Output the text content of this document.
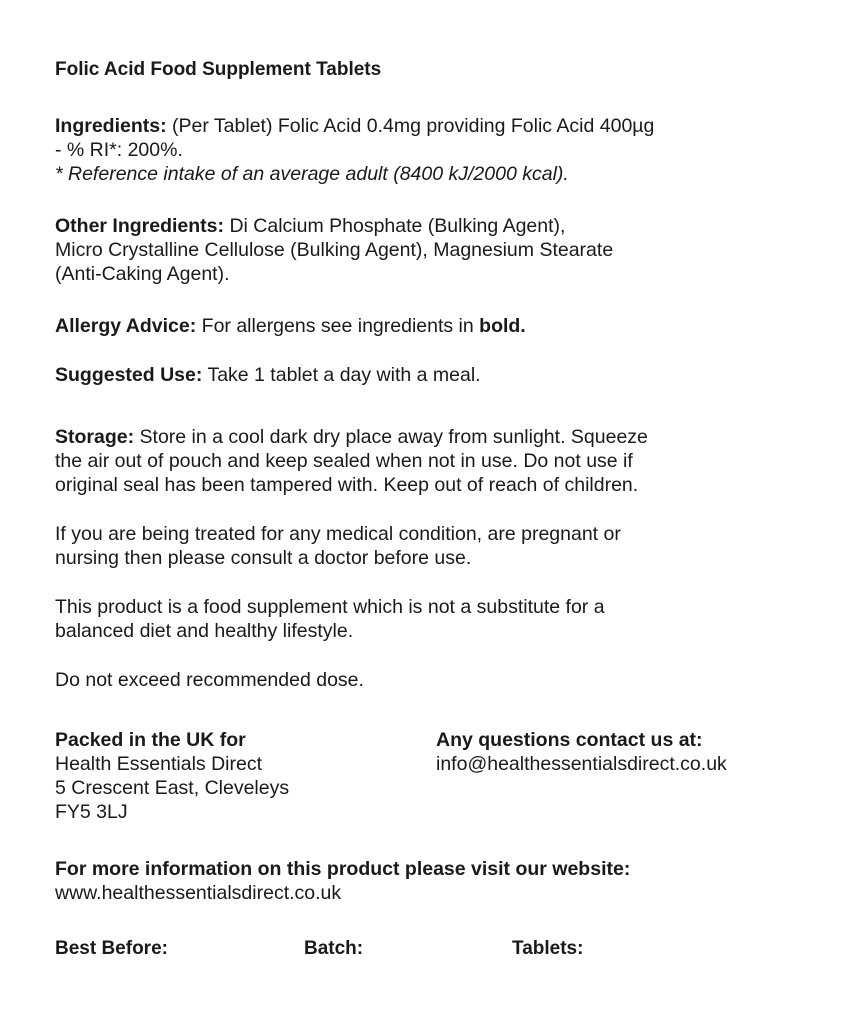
Folic Acid Food Supplement Tablets

Ingredients: (Per Tablet) Folic Acid 0.4mg providing Folic Acid 400µg
- % RI*: 200%.
* Reference intake of an average adult (8400 kJ/2000 kcal).

Other Ingredients: Di Calcium Phosphate (Bulking Agent),
Micro Crystalline Cellulose (Bulking Agent), Magnesium Stearate
(Anti-Caking Agent).

Allergy Advice: For allergens see ingredients in bold.

Suggested Use: Take 1 tablet a day with a meal.

Storage: Store in a cool dark dry place away from sunlight. Squeeze
the air out of pouch and keep sealed when not in use. Do not use if
original seal has been tampered with. Keep out of reach of children.

If you are being treated for any medical condition, are pregnant or
nursing then please consult a doctor before use.

This product is a food supplement which is not a substitute for a
balanced diet and healthy lifestyle.

Do not exceed recommended dose.

Packed in the UK for
Health Essentials Direct
5 Crescent East, Cleveleys
FY5 3LJ
Any questions contact us at:
info@healthessentialsdirect.co.uk

For more information on this product please visit our website:
www.healthessentialsdirect.co.uk

Best Before:	Batch:	Tablets:
